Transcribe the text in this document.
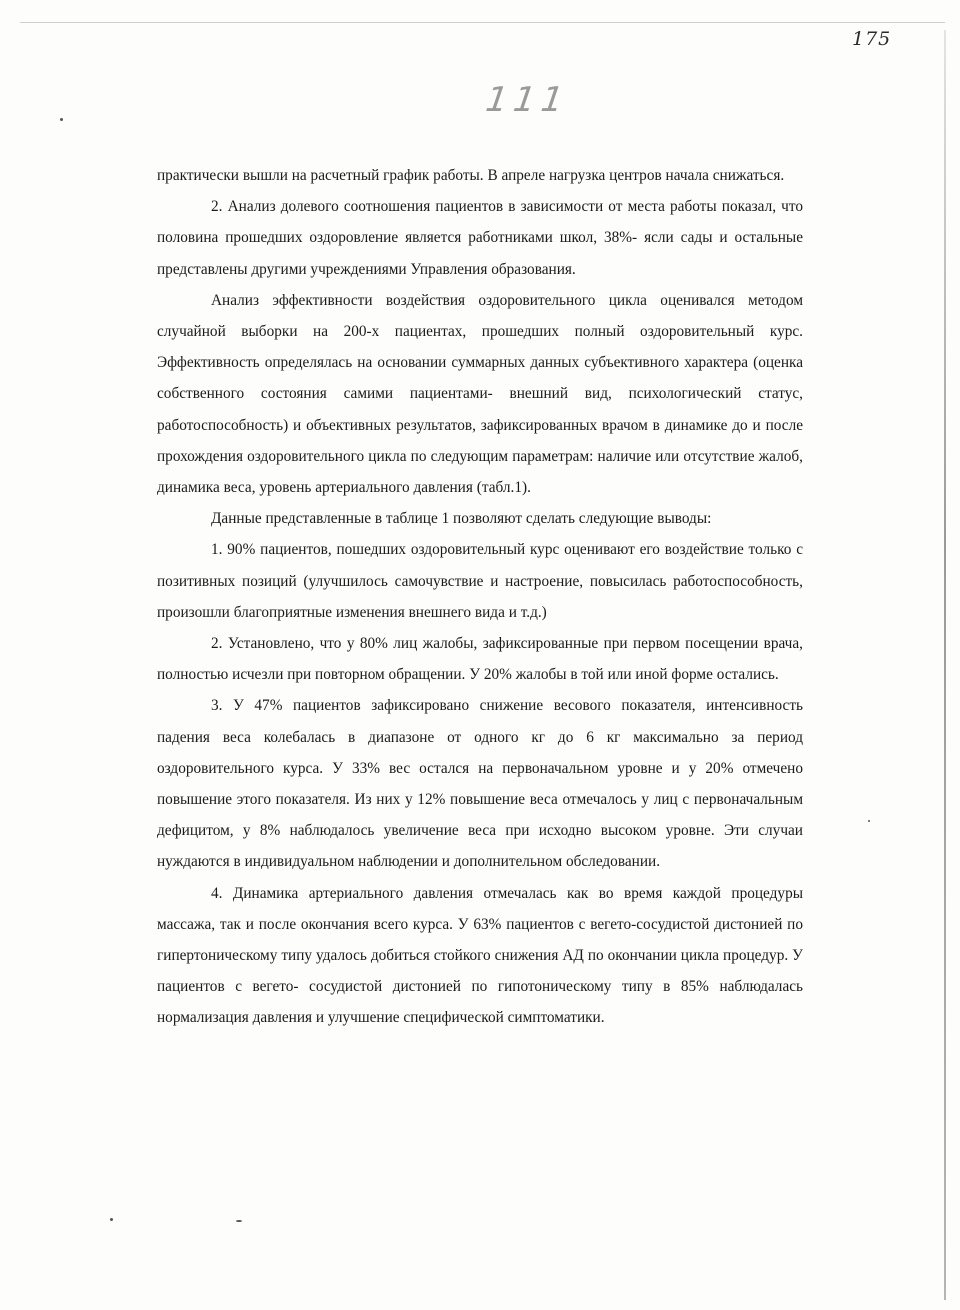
175
111

практически вышли на расчетный график работы. В апреле нагрузка центров начала снижаться.

2. Анализ долевого соотношения пациентов в зависимости от места работы показал, что половина прошедших оздоровление является работниками школ, 38%- ясли сады и остальные представлены другими учреждениями Управления образования.

Анализ эффективности воздействия оздоровительного цикла оценивался методом случайной выборки на 200-х пациентах, прошедших полный оздоровительный курс. Эффективность определялась на основании суммарных данных субъективного характера (оценка собственного состояния самими пациентами- внешний вид, психологический статус, работоспособность) и объективных результатов, зафиксированных врачом в динамике до и после прохождения оздоровительного цикла по следующим параметрам: наличие или отсутствие жалоб, динамика веса, уровень артериального давления (табл.1).

Данные представленные в таблице 1 позволяют сделать следующие выводы:

1. 90% пациентов, пошедших оздоровительный курс оценивают его воздействие только с позитивных позиций (улучшилось самочувствие и настроение, повысилась работоспособность, произошли благоприятные изменения внешнего вида и т.д.)

2. Установлено, что у 80% лиц жалобы, зафиксированные при первом посещении врача, полностью исчезли при повторном обращении. У 20% жалобы в той или иной форме остались.

3. У 47% пациентов зафиксировано снижение весового показателя, интенсивность падения веса колебалась в диапазоне от одного кг до 6 кг максимально за период оздоровительного курса. У 33% вес остался на первоначальном уровне и у 20% отмечено повышение этого показателя. Из них у 12% повышение веса отмечалось у лиц с первоначальным дефицитом, у 8% наблюдалось увеличение веса при исходно высоком уровне. Эти случаи нуждаются в индивидуальном наблюдении и дополнительном обследовании.

4. Динамика артериального давления отмечалась как во время каждой процедуры массажа, так и после окончания всего курса. У 63% пациентов с вегето-сосудистой дистонией по гипертоническому типу удалось добиться стойкого снижения АД по окончании цикла процедур. У пациентов с вегето- сосудистой дистонией по гипотоническому типу в 85% наблюдалась нормализация давления и улучшение специфической симптоматики.
